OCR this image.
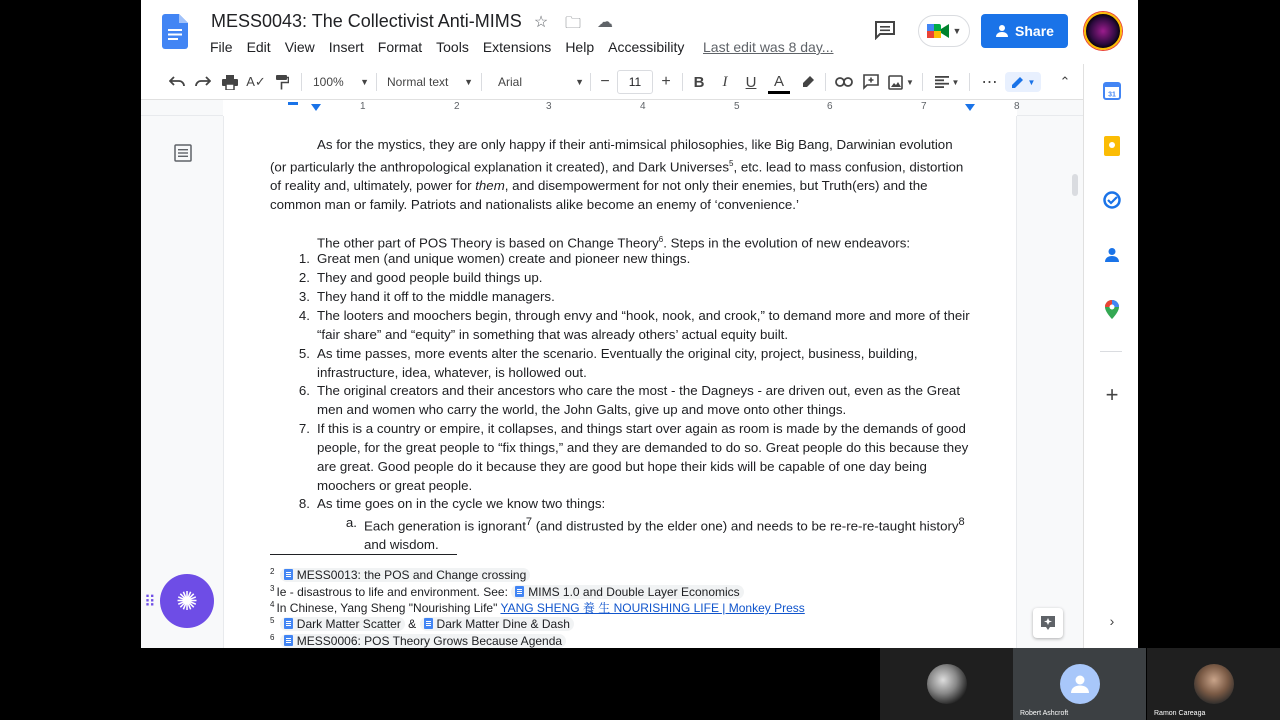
MESS0043: The Collectivist Anti-MIMS ☆ 🗀 ☁
File Edit View Insert Format Tools Extensions Help Accessibility Last edit was 8 day...
▼	Share
A✓	100% ▼ Normal text ▼ Arial	▼ −	11	+	B	I	U	A	▼	▼ ⋯	▼	⌃
1	2	3	4	5	6	7	8
As for the mystics, they are only happy if their anti-mimsical philosophies, like Big Bang, Darwinian evolution (or particularly the anthropological explanation it created), and Dark Universes$^5$, etc. lead to mass confusion, distortion of reality and, ultimately, power for them, and disempowerment for not only their enemies, but Truth(ers) and the common man or family. Patriots and nationalists alike become an enemy of ‘convenience.’
The other part of POS Theory is based on Change Theory$^6$. Steps in the evolution of new endeavors:
1. Great men (and unique women) create and pioneer new things.
2. They and good people build things up.
3. They hand it off to the middle managers.
4. The looters and moochers begin, through envy and “hook, nook, and crook,” to demand more and more of their “fair share” and “equity” in something that was already others’ actual equity built.
5. As time passes, more events alter the scenario. Eventually the original city, project, business, building, infrastructure, idea, whatever, is hollowed out.
6. The original creators and their ancestors who care the most - the Dagneys - are driven out, even as the Great men and women who carry the world, the John Galts, give up and move onto other things.
7. If this is a country or empire, it collapses, and things start over again as room is made by the demands of good people, for the great people to “fix things,” and they are demanded to do so. Great people do this because they are great. Good people do it because they are good but hope their kids will be capable of one day being moochers or great people.
8. As time goes on in the cycle we know two things:
a. Each generation is ignorant$^7$ (and distrusted by the elder one) and needs to be re-re-re-taught history$^8$ and wisdom.
$^2$ MESS0013: the POS and Change crossing
$^3$ Ie - disastrous to life and environment. See: MIMS 1.0 and Double Layer Economics
$^4$ In Chinese, Yang Sheng "Nourishing Life" YANG SHENG 養 生 NOURISHING LIFE | Monkey Press
$^5$ Dark Matter Scatter & Dark Matter Dine & Dash
$^6$ MESS0006: POS Theory Grows Because Agenda
⠿ ✺
31
+
›
Robert Ashcroft	Ramon Careaga
